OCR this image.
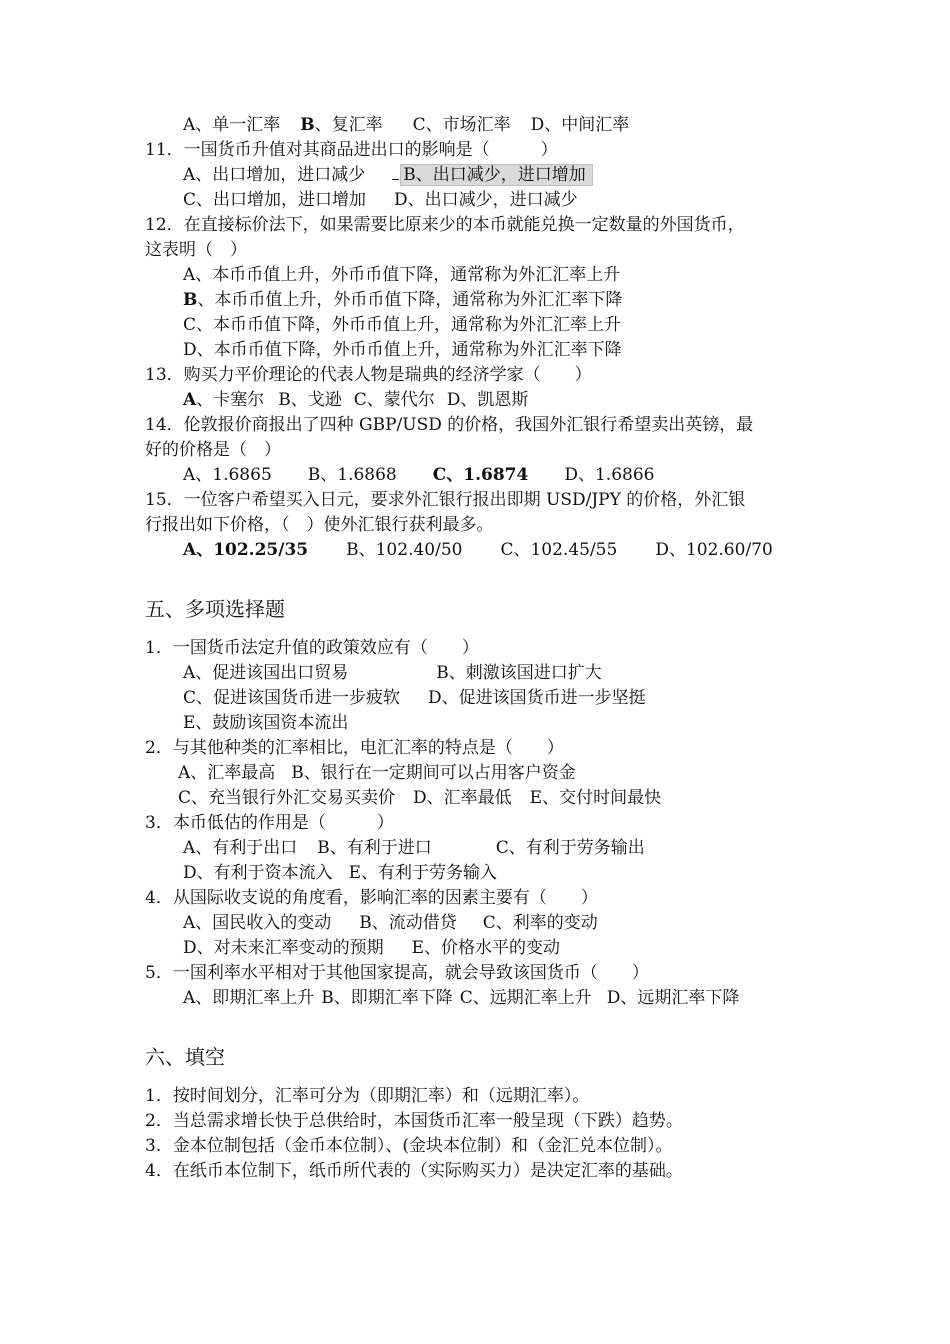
A、单一汇率 B、复汇率 C、市场汇率 D、中间汇率
11．一国货币升值对其商品进出口的影响是（　　　）
A、出口增加，进口减少 B、出口减少，进口增加
C、出口增加，进口增加 D、出口减少，进口减少
12．在直接标价法下，如果需要比原来少的本币就能兑换一定数量的外国货币，
这表明（　）
A、本币币值上升，外币币值下降，通常称为外汇汇率上升
B、本币币值上升，外币币值下降，通常称为外汇汇率下降
C、本币币值下降，外币币值上升，通常称为外汇汇率上升
D、本币币值下降，外币币值上升，通常称为外汇汇率下降
13．购买力平价理论的代表人物是瑞典的经济学家（　　）
A、卡塞尔 B、戈逊 C、蒙代尔 D、凯恩斯
14．伦敦报价商报出了四种 GBP/USD 的价格，我国外汇银行希望卖出英镑，最
好的价格是（　）
A、1.6865 B、1.6868 C、1.6874 D、1.6866
15．一位客户希望买入日元，要求外汇银行报出即期 USD/JPY 的价格，外汇银
行报出如下价格，（　）使外汇银行获利最多。
A、102.25/35 B、102.40/50 C、102.45/55 D、102.60/70
五、多项选择题
1．一国货币法定升值的政策效应有（　　）
A、促进该国出口贸易	B、刺激该国进口扩大
C、促进该国货币进一步疲软 D、促进该国货币进一步坚挺
E、鼓励该国资本流出
2．与其他种类的汇率相比，电汇汇率的特点是（　　）
A、汇率最高 B、银行在一定期间可以占用客户资金
C、充当银行外汇交易买卖价 D、汇率最低 E、交付时间最快
3．本币低估的作用是（　　　）
A、有利于出口 B、有利于进口	C、有利于劳务输出
D、有利于资本流入 E、有利于劳务输入
4．从国际收支说的角度看，影响汇率的因素主要有（　　）
A、国民收入的变动 B、流动借贷 C、利率的变动
D、对未来汇率变动的预期 E、价格水平的变动
5．一国利率水平相对于其他国家提高，就会导致该国货币（　　）
A、即期汇率上升 B、即期汇率下降 C、远期汇率上升 D、远期汇率下降
六、填空
1．按时间划分，汇率可分为（即期汇率）和（远期汇率）。
2．当总需求增长快于总供给时，本国货币汇率一般呈现（下跌）趋势。
3．金本位制包括（金币本位制）、(金块本位制）和（金汇兑本位制）。
4．在纸币本位制下，纸币所代表的（实际购买力）是决定汇率的基础。
